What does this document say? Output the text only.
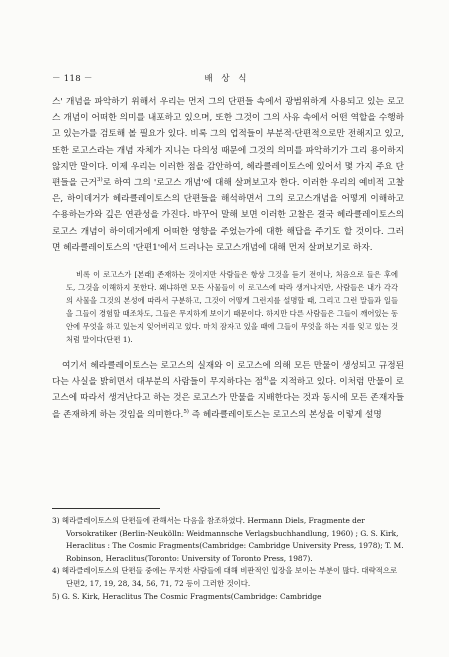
－ 118 －	배 상 식

스' 개념을 파악하기 위해서 우리는 먼저 그의 단편들 속에서 광범위하게 사용되고 있는 로고스 개념이 어떠한 의미를 내포하고 있으며, 또한 그것이 그의 사유 속에서 어떤 역할을 수행하고 있는가를 검토해 볼 필요가 있다. 비록 그의 업적들이 부분적·단편적으로만 전해지고 있고, 또한 로고스라는 개념 자체가 지니는 다의성 때문에 그것의 의미를 파악하기가 그리 용이하지 않지만 말이다. 이제 우리는 이러한 점을 감안하여, 헤라클레이토스에 있어서 몇 가지 주요 단편들을 근거$^{3)}$로 하여 그의 '로고스 개념'에 대해 살펴보고자 한다. 이러한 우리의 예비적 고찰은, 하이데거가 헤라클레이토스의 단편들을 해석하면서 그의 로고스개념을 어떻게 이해하고 수용하는가와 깊은 연관성을 가진다. 바꾸어 말해 보면 이러한 고찰은 결국 헤라클레이토스의 로고스 개념이 하이데거에게 어떠한 영향을 주었는가에 대한 해답을 주기도 할 것이다. 그러면 헤라클레이토스의 '단편1'에서 드러나는 로고스개념에 대해 먼저 살펴보기로 하자.

비록 이 로고스가 [본래] 존재하는 것이지만 사람들은 항상 그것을 듣기 전이나, 처음으로 들은 후에도, 그것을 이해하지 못한다. 왜냐하면 모든 사물들이 이 로고스에 따라 생겨나지만, 사람들은 내가 각각의 사물을 그것의 본성에 따라서 구분하고, 그것이 어떻게 그런지를 설명할 때, 그리고 그런 말들과 일들을 그들이 경험할 때조차도, 그들은 무지하게 보이기 때문이다. 하지만 다른 사람들은 그들이 깨어있는 동안에 무엇을 하고 있는지 잊어버리고 있다. 마치 잠자고 있을 때에 그들이 무엇을 하는 지를 잊고 있는 것처럼 말이다(단편 1).

여기서 헤라클레이토스는 로고스의 실재와 이 로고스에 의해 모든 만물이 생성되고 규정된다는 사실을 밝히면서 대부분의 사람들이 무지하다는 점$^{4)}$을 지적하고 있다. 이처럼 만물이 로고스에 따라서 생겨난다고 하는 것은 로고스가 만물을 지배한다는 것과 동시에 모든 존재자들을 존재하게 하는 것임을 의미한다.$^{5)}$ 즉 헤라클레이토스는 로고스의 본성을 이렇게 설명

3) 헤라클레이토스의 단편들에 관해서는 다음을 참조하였다. Hermann Diels, Fragmente der Vorsokratiker (Berlin-Neukölln: Weidmannsche Verlagsbuchhandlung, 1960) ; G. S. Kirk, Heraclitus : The Cosmic Fragments(Cambridge: Cambridge University Press, 1978); T. M. Robinson, Heraclitus(Toronto: University of Toronto Press, 1987).

4) 헤라클레이토스의 단편들 중에는 무지한 사람들에 대해 비판적인 입장을 보이는 부분이 많다. 대략적으로 단편2, 17, 19, 28, 34, 56, 71, 72 등이 그러한 것이다.

5) G. S. Kirk, Heraclitus The Cosmic Fragments(Cambridge: Cambridge
